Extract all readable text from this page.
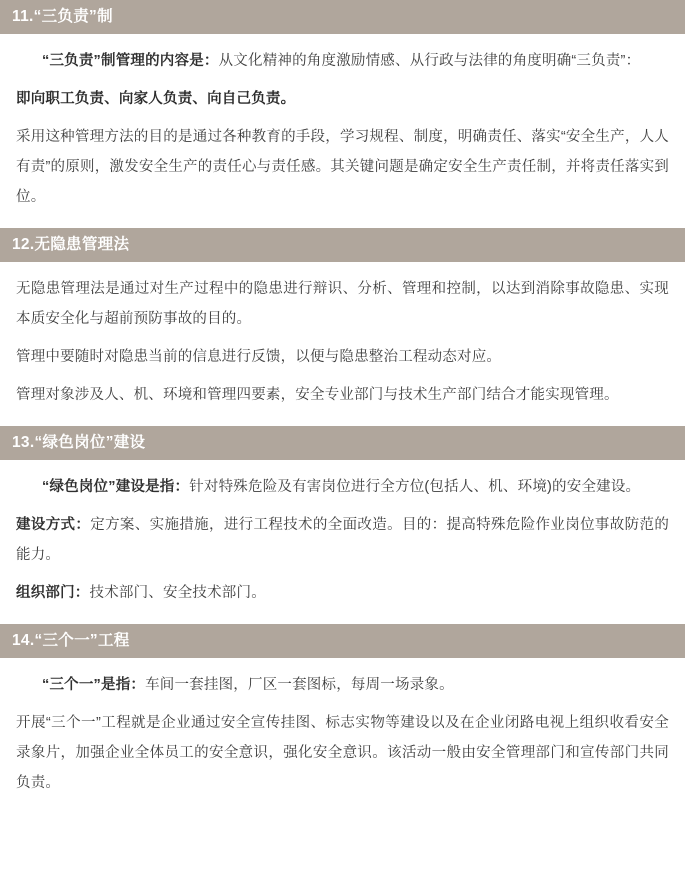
11.“三负责”制

“三负责”制管理的内容是：从文化精神的角度激励情感、从行政与法律的角度明确“三负责”：

即向职工负责、向家人负责、向自己负责。

采用这种管理方法的目的是通过各种教育的手段，学习规程、制度，明确责任、落实“安全生产，人人有责”的原则，激发安全生产的责任心与责任感。其关键问题是确定安全生产责任制，并将责任落实到位。

12.无隐患管理法

无隐患管理法是通过对生产过程中的隐患进行辩识、分析、管理和控制，以达到消除事故隐患、实现本质安全化与超前预防事故的目的。

管理中要随时对隐患当前的信息进行反馈，以便与隐患整治工程动态对应。

管理对象涉及人、机、环境和管理四要素，安全专业部门与技术生产部门结合才能实现管理。

13.“绿色岗位”建设

“绿色岗位”建设是指：针对特殊危险及有害岗位进行全方位(包括人、机、环境)的安全建设。

建设方式：定方案、实施措施，进行工程技术的全面改造。目的：提高特殊危险作业岗位事故防范的能力。

组织部门：技术部门、安全技术部门。

14.“三个一”工程

“三个一”是指：车间一套挂图，厂区一套图标，每周一场录象。

开展“三个一”工程就是企业通过安全宣传挂图、标志实物等建设以及在企业闭路电视上组织收看安全录象片，加强企业全体员工的安全意识，强化安全意识。该活动一般由安全管理部门和宣传部门共同负责。
